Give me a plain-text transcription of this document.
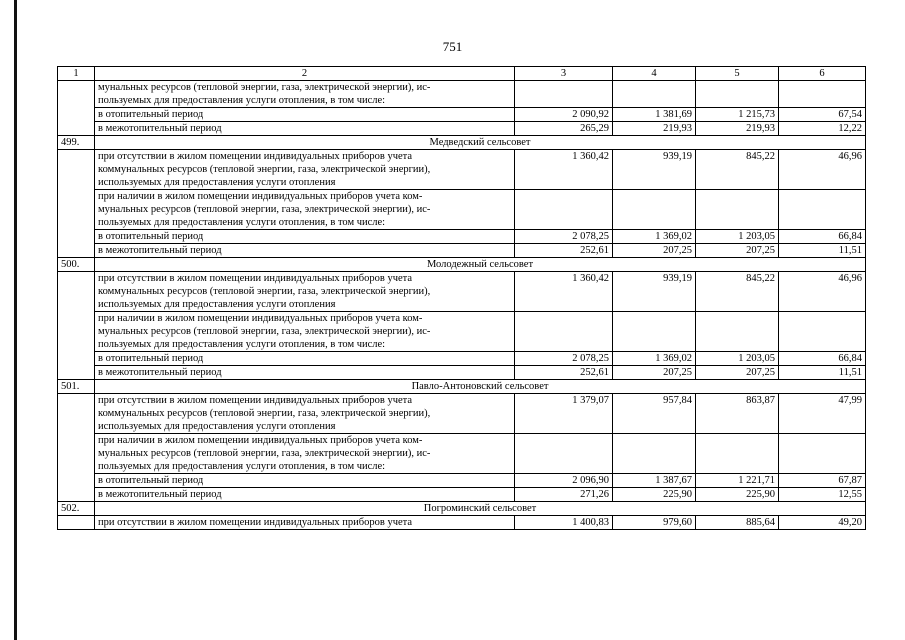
751
1	2	3	4	5	6

	мунальных ресурсов (тепловой энергии, газа, электрической энергии), ис-
пользуемых для предоставления услуги отопления, в том числе:				

	в отопительный период	2 090,92	1 381,69	1 215,73	67,54
	в межотопительный период	265,29	219,93	219,93	12,22
499.	Медведский сельсовет				

	при отсутствии в жилом помещении индивидуальных приборов учета
коммунальных ресурсов (тепловой энергии, газа, электрической энергии),
используемых для предоставления услуги отопления	1 360,42	939,19	845,22	46,96

	при наличии в жилом помещении индивидуальных приборов учета ком-
мунальных ресурсов (тепловой энергии, газа, электрической энергии), ис-
пользуемых для предоставления услуги отопления, в том числе:				

	в отопительный период	2 078,25	1 369,02	1 203,05	66,84
	в межотопительный период	252,61	207,25	207,25	11,51
500.	Молодежный сельсовет				

	при отсутствии в жилом помещении индивидуальных приборов учета
коммунальных ресурсов (тепловой энергии, газа, электрической энергии),
используемых для предоставления услуги отопления	1 360,42	939,19	845,22	46,96

	при наличии в жилом помещении индивидуальных приборов учета ком-
мунальных ресурсов (тепловой энергии, газа, электрической энергии), ис-
пользуемых для предоставления услуги отопления, в том числе:				

	в отопительный период	2 078,25	1 369,02	1 203,05	66,84
	в межотопительный период	252,61	207,25	207,25	11,51
501.	Павло-Антоновский сельсовет				

	при отсутствии в жилом помещении индивидуальных приборов учета
коммунальных ресурсов (тепловой энергии, газа, электрической энергии),
используемых для предоставления услуги отопления	1 379,07	957,84	863,87	47,99

	при наличии в жилом помещении индивидуальных приборов учета ком-
мунальных ресурсов (тепловой энергии, газа, электрической энергии), ис-
пользуемых для предоставления услуги отопления, в том числе:				

	в отопительный период	2 096,90	1 387,67	1 221,71	67,87
	в межотопительный период	271,26	225,90	225,90	12,55
502.	Погроминский сельсовет				
	при отсутствии в жилом помещении индивидуальных приборов учета	1 400,83	979,60	885,64	49,20
